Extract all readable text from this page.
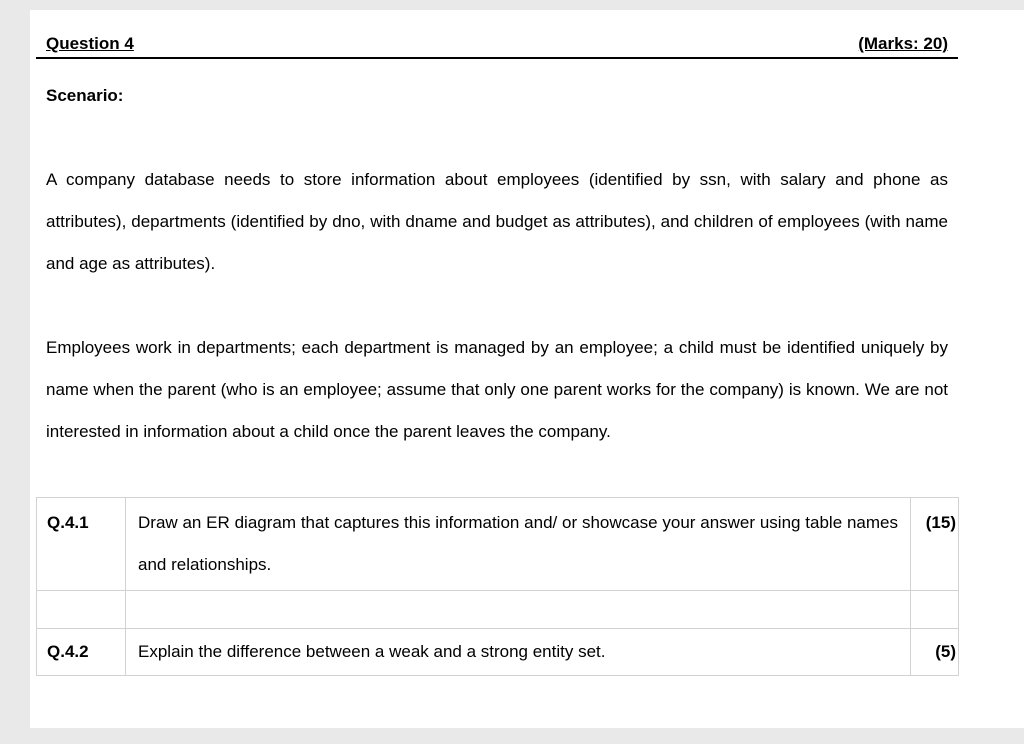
Question 4	(Marks: 20)
Scenario:

A company database needs to store information about employees (identified by ssn, with salary and phone as attributes), departments (identified by dno, with dname and budget as attributes), and children of employees (with name and age as attributes).

Employees work in departments; each department is managed by an employee; a child must be identified uniquely by name when the parent (who is an employee; assume that only one parent works for the company) is known. We are not interested in information about a child once the parent leaves the company.

Q.4.1	Draw an ER diagram that captures this information and/ or showcase your answer using table names and relationships.	(15)

Q.4.2	Explain the difference between a weak and a strong entity set.	(5)
